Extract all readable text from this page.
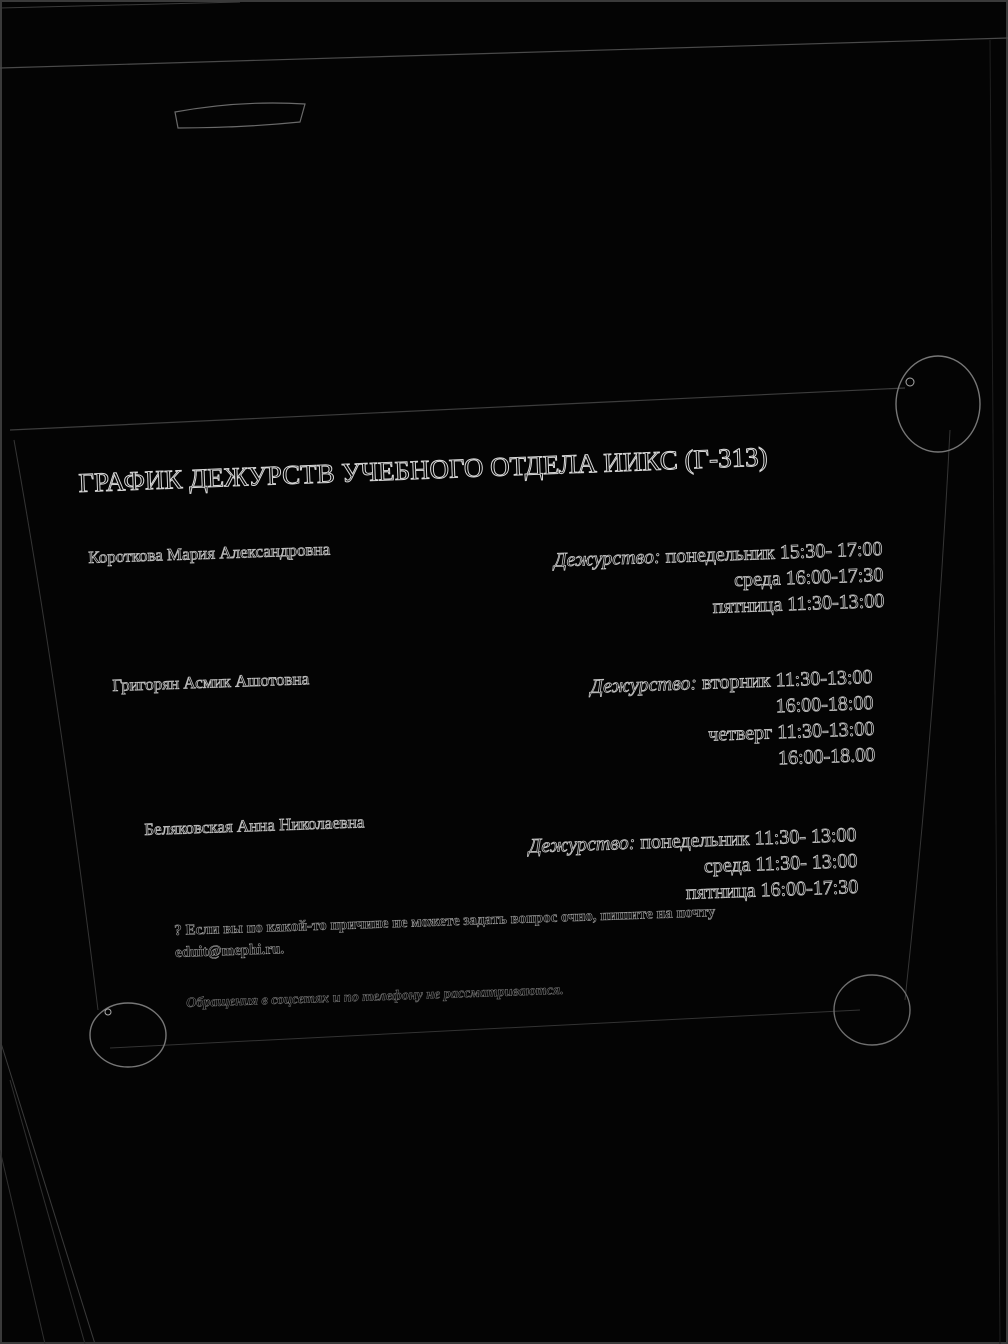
ГРАФИК ДЕЖУРСТВ УЧЕБНОГО ОТДЕЛА ИИКС (Г-313)
Короткова Мария Александровна	Дежурство: понедельник 15:30- 17:00
среда 16:00-17:30
пятница 11:30-13:00
Григорян Асмик Ашотовна	Дежурство: вторник 11:30-13:00
16:00-18:00
четверг 11:30-13:00
16:00-18.00
Беляковская Анна Николаевна
Дежурство: понедельник 11:30- 13:00
среда 11:30- 13:00
пятница 16:00-17:30
? Если вы по какой-то причине не можете задать вопрос очно, пишите на почту eduit@mephi.ru.
Обращения в соцсетях и по телефону не рассматриваются.
